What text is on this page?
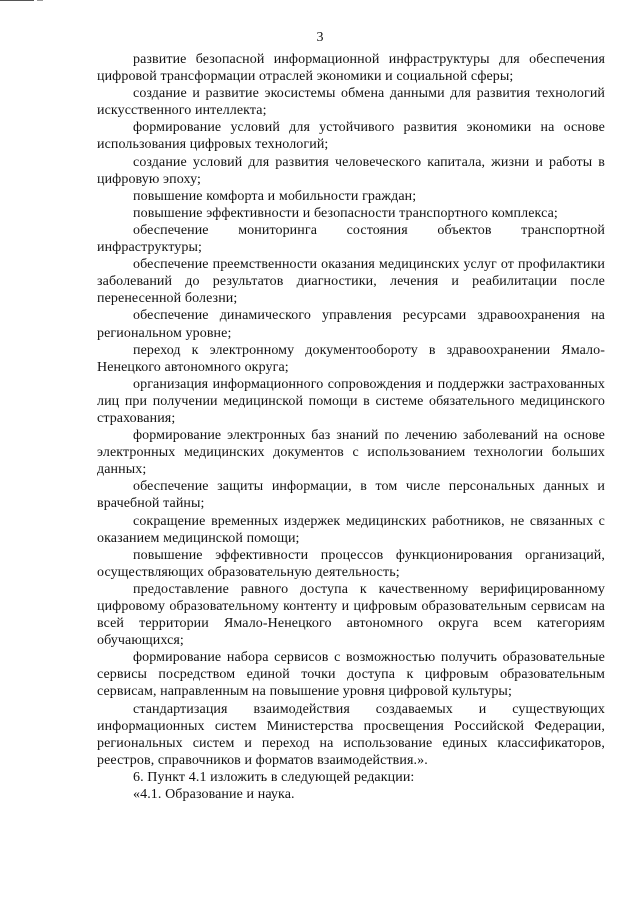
3

развитие безопасной информационной инфраструктуры для обеспечения цифровой трансформации отраслей экономики и социальной сферы;

создание и развитие экосистемы обмена данными для развития технологий искусственного интеллекта;

формирование условий для устойчивого развития экономики на основе использования цифровых технологий;

создание условий для развития человеческого капитала, жизни и работы в цифровую эпоху;

повышение комфорта и мобильности граждан;

повышение эффективности и безопасности транспортного комплекса;

обеспечение мониторинга состояния объектов транспортной инфраструктуры;

обеспечение преемственности оказания медицинских услуг от профилактики заболеваний до результатов диагностики, лечения и реабилитации после перенесенной болезни;

обеспечение динамического управления ресурсами здравоохранения на региональном уровне;

переход к электронному документообороту в здравоохранении Ямало-Ненецкого автономного округа;

организация информационного сопровождения и поддержки застрахованных лиц при получении медицинской помощи в системе обязательного медицинского страхования;

формирование электронных баз знаний по лечению заболеваний на основе электронных медицинских документов с использованием технологии больших данных;

обеспечение защиты информации, в том числе персональных данных и врачебной тайны;

сокращение временных издержек медицинских работников, не связанных с оказанием медицинской помощи;

повышение эффективности процессов функционирования организаций, осуществляющих образовательную деятельность;

предоставление равного доступа к качественному верифицированному цифровому образовательному контенту и цифровым образовательным сервисам на всей территории Ямало-Ненецкого автономного округа всем категориям обучающихся;

формирование набора сервисов с возможностью получить образовательные сервисы посредством единой точки доступа к цифровым образовательным сервисам, направленным на повышение уровня цифровой культуры;

стандартизация взаимодействия создаваемых и существующих информационных систем Министерства просвещения Российской Федерации, региональных систем и переход на использование единых классификаторов, реестров, справочников и форматов взаимодействия.».

6. Пункт 4.1 изложить в следующей редакции:

«4.1. Образование и наука.
